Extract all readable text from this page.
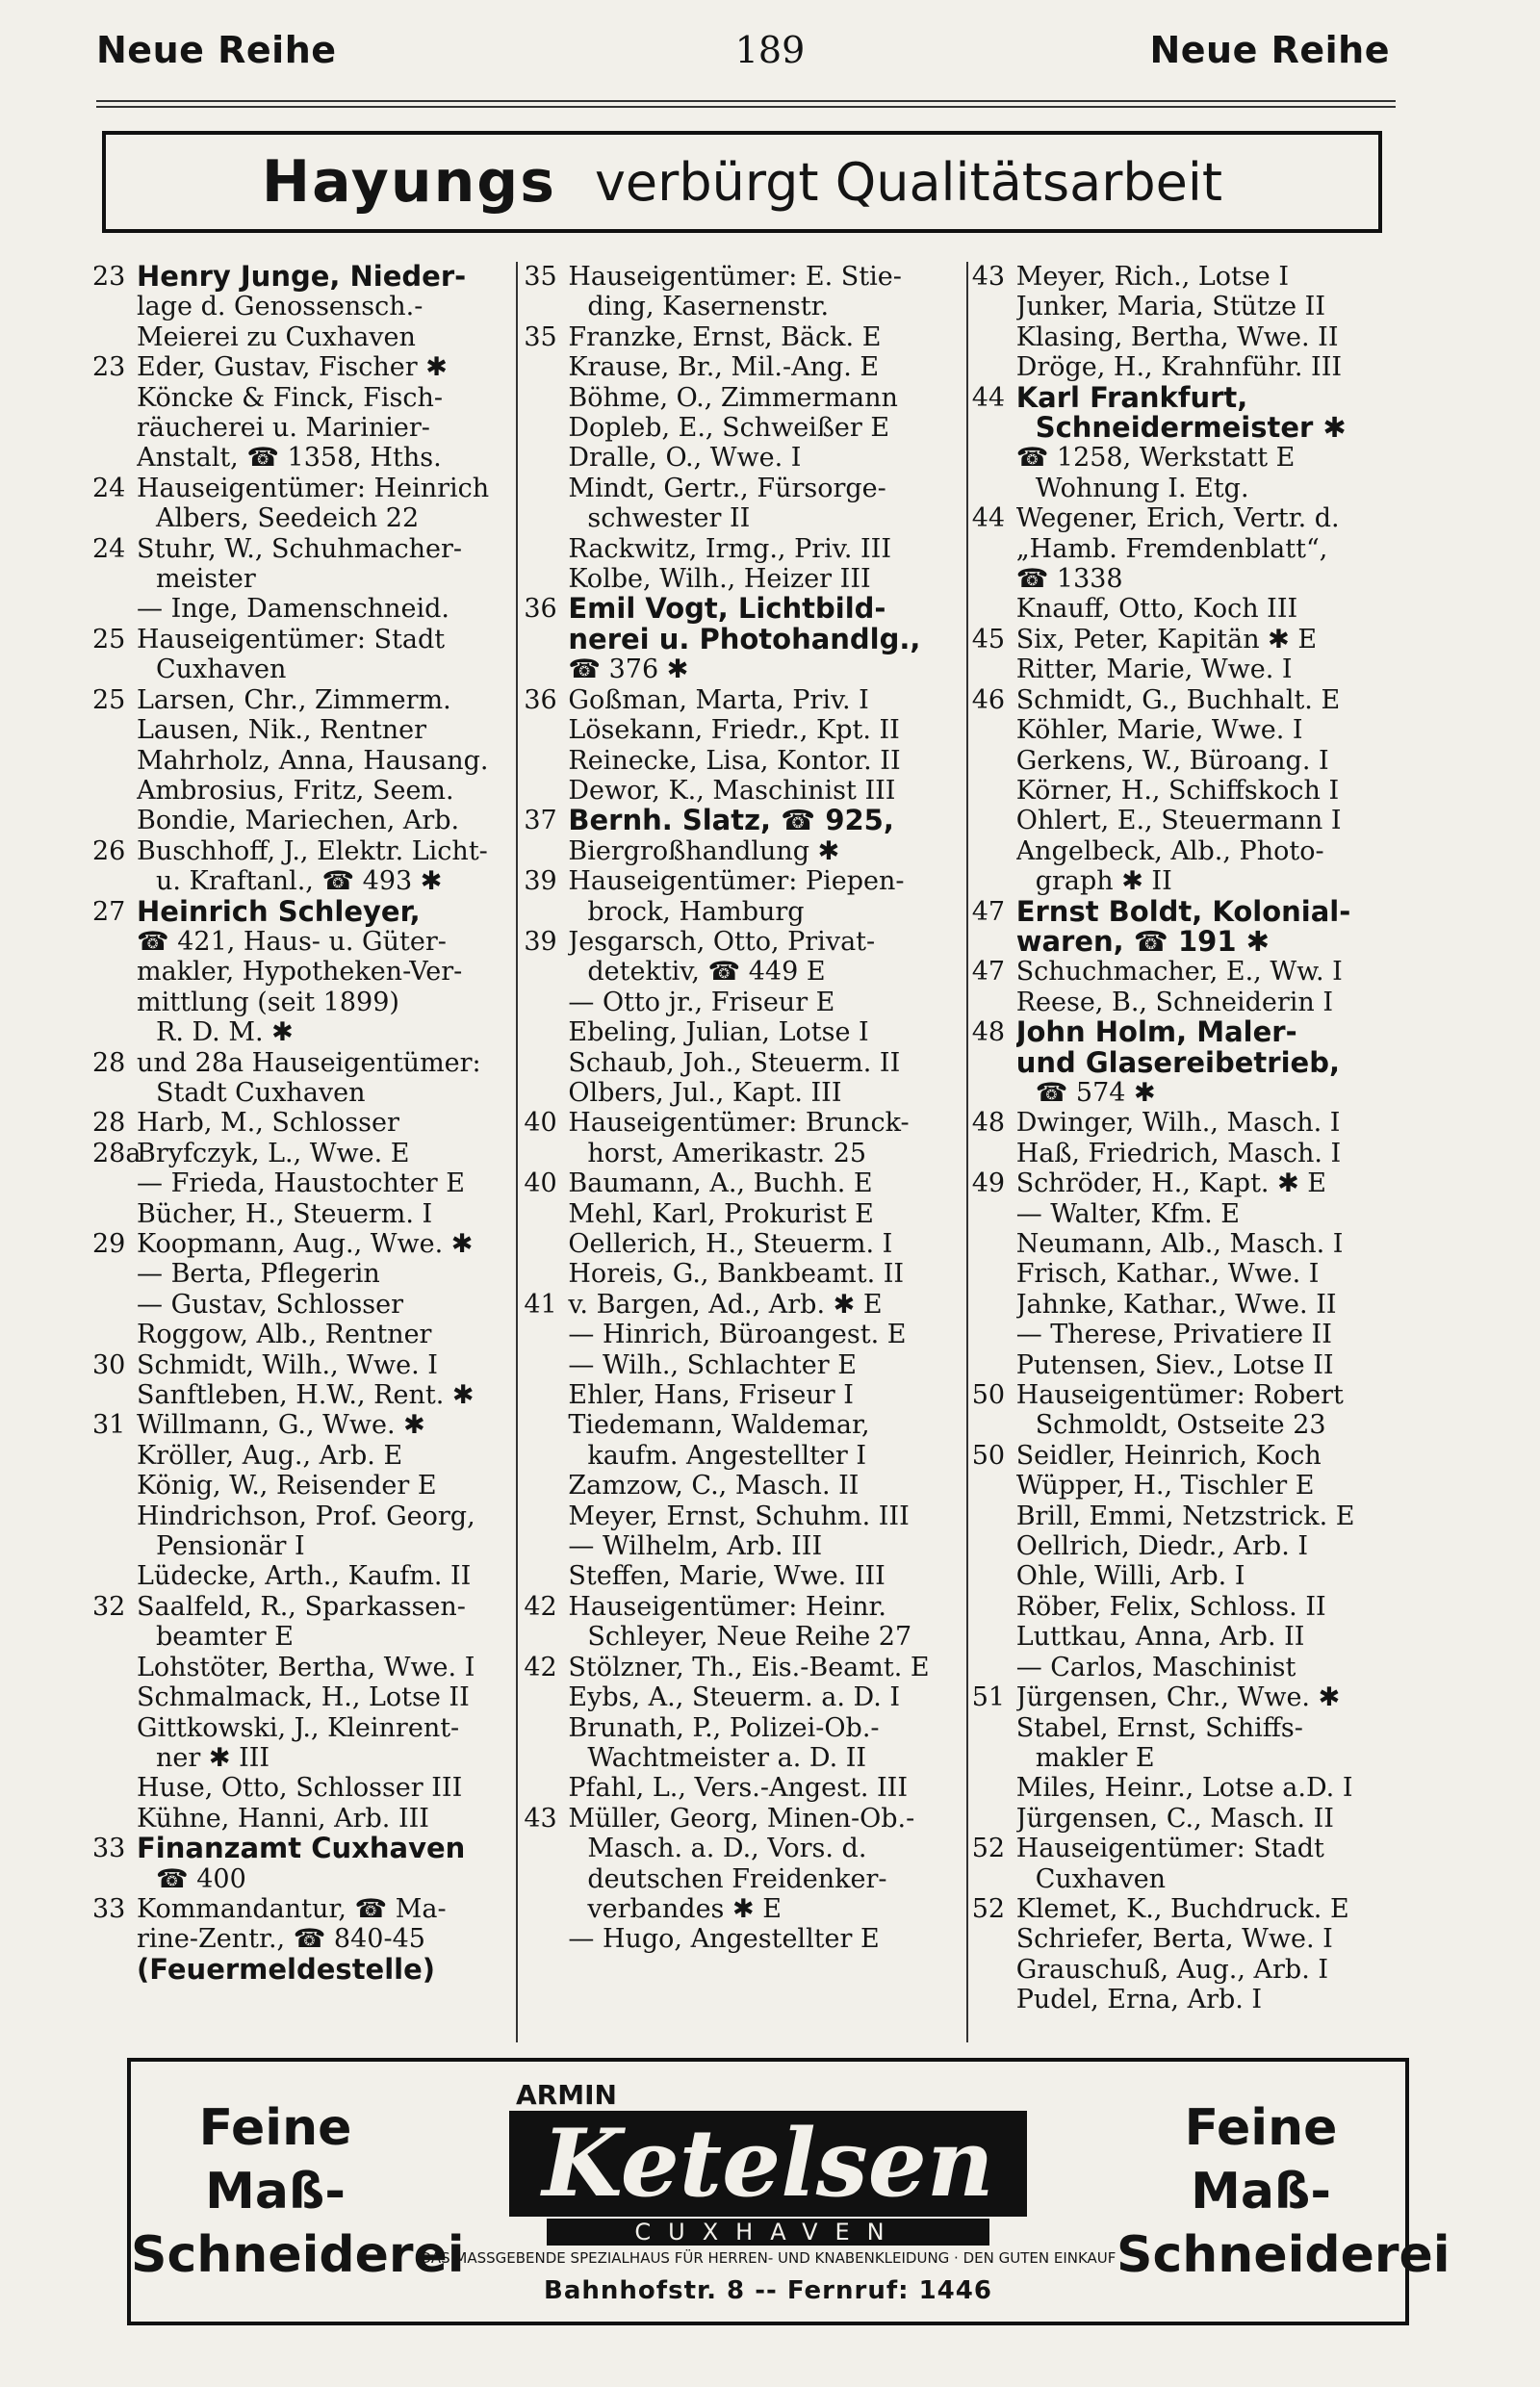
Neue Reihe	189	Neue Reihe
Hayungs verbürgt Qualitätsarbeit
23 Henry Junge, Nieder-
lage d. Genossensch.-
Meierei zu Cuxhaven
23 Eder, Gustav, Fischer ✱
Köncke & Finck, Fisch-
räucherei u. Marinier-
Anstalt, ☎ 1358, Hths.
24 Hauseigentümer: Heinrich
Albers, Seedeich 22
24 Stuhr, W., Schuhmacher-
meister
— Inge, Damenschneid.
25 Hauseigentümer: Stadt
Cuxhaven
25 Larsen, Chr., Zimmerm.
Lausen, Nik., Rentner
Mahrholz, Anna, Hausang.
Ambrosius, Fritz, Seem.
Bondie, Mariechen, Arb.
26 Buschhoff, J., Elektr. Licht-
u. Kraftanl., ☎ 493 ✱
27 Heinrich Schleyer,
☎ 421, Haus- u. Güter-
makler, Hypotheken-Ver-
mittlung (seit 1899)
R. D. M. ✱
28 und 28a Hauseigentümer:
Stadt Cuxhaven
28 Harb, M., Schlosser
28a
Bryfczyk, L., Wwe. E
— Frieda, Haustochter E
Bücher, H., Steuerm. I
29 Koopmann, Aug., Wwe. ✱
— Berta, Pflegerin
— Gustav, Schlosser
Roggow, Alb., Rentner
30 Schmidt, Wilh., Wwe. I
Sanftleben, H.W., Rent. ✱
31 Willmann, G., Wwe. ✱
Kröller, Aug., Arb. E
König, W., Reisender E
Hindrichson, Prof. Georg,
Pensionär I
Lüdecke, Arth., Kaufm. II
32 Saalfeld, R., Sparkassen-
beamter E
Lohstöter, Bertha, Wwe. I
Schmalmack, H., Lotse II
Gittkowski, J., Kleinrent-
ner ✱ III
Huse, Otto, Schlosser III
Kühne, Hanni, Arb. III
33 Finanzamt Cuxhaven
☎ 400
33 Kommandantur, ☎ Ma-
rine-Zentr., ☎ 840-45
(Feuermeldestelle)
35 Hauseigentümer: E. Stie-
ding, Kasernenstr.
35 Franzke, Ernst, Bäck. E
Krause, Br., Mil.-Ang. E
Böhme, O., Zimmermann
Dopleb, E., Schweißer E
Dralle, O., Wwe. I
Mindt, Gertr., Fürsorge-
schwester II
Rackwitz, Irmg., Priv. III
Kolbe, Wilh., Heizer III
36 Emil Vogt, Lichtbild-
nerei u. Photohandlg.,
☎ 376 ✱
36 Goßman, Marta, Priv. I
Lösekann, Friedr., Kpt. II
Reinecke, Lisa, Kontor. II
Dewor, K., Maschinist III
37 Bernh. Slatz, ☎ 925,
Biergroßhandlung ✱
39 Hauseigentümer: Piepen-
brock, Hamburg
39 Jesgarsch, Otto, Privat-
detektiv, ☎ 449 E
— Otto jr., Friseur E
Ebeling, Julian, Lotse I
Schaub, Joh., Steuerm. II
Olbers, Jul., Kapt. III
40 Hauseigentümer: Brunck-
horst, Amerikastr. 25
40 Baumann, A., Buchh. E
Mehl, Karl, Prokurist E
Oellerich, H., Steuerm. I
Horeis, G., Bankbeamt. II
41 v. Bargen, Ad., Arb. ✱ E
— Hinrich, Büroangest. E
— Wilh., Schlachter E
Ehler, Hans, Friseur I
Tiedemann, Waldemar,
kaufm. Angestellter I
Zamzow, C., Masch. II
Meyer, Ernst, Schuhm. III
— Wilhelm, Arb. III
Steffen, Marie, Wwe. III
42 Hauseigentümer: Heinr.
Schleyer, Neue Reihe 27
42 Stölzner, Th., Eis.-Beamt. E
Eybs, A., Steuerm. a. D. I
Brunath, P., Polizei-Ob.-
Wachtmeister a. D. II
Pfahl, L., Vers.-Angest. III
43 Müller, Georg, Minen-Ob.-
Masch. a. D., Vors. d.
deutschen Freidenker-
verbandes ✱ E
— Hugo, Angestellter E
43 Meyer, Rich., Lotse I
Junker, Maria, Stütze II
Klasing, Bertha, Wwe. II
Dröge, H., Krahnführ. III
44 Karl Frankfurt,
Schneidermeister ✱
☎ 1258, Werkstatt E
Wohnung I. Etg.
44 Wegener, Erich, Vertr. d.
„Hamb. Fremdenblatt“,
☎ 1338
Knauff, Otto, Koch III
45 Six, Peter, Kapitän ✱ E
Ritter, Marie, Wwe. I
46 Schmidt, G., Buchhalt. E
Köhler, Marie, Wwe. I
Gerkens, W., Büroang. I
Körner, H., Schiffskoch I
Ohlert, E., Steuermann I
Angelbeck, Alb., Photo-
graph ✱ II
47 Ernst Boldt, Kolonial-
waren, ☎ 191 ✱
47 Schuchmacher, E., Ww. I
Reese, B., Schneiderin I
48 John Holm, Maler-
und Glasereibetrieb,
☎ 574 ✱
48 Dwinger, Wilh., Masch. I
Haß, Friedrich, Masch. I
49 Schröder, H., Kapt. ✱ E
— Walter, Kfm. E
Neumann, Alb., Masch. I
Frisch, Kathar., Wwe. I
Jahnke, Kathar., Wwe. II
— Therese, Privatiere II
Putensen, Siev., Lotse II
50 Hauseigentümer: Robert
Schmoldt, Ostseite 23
50 Seidler, Heinrich, Koch
Wüpper, H., Tischler E
Brill, Emmi, Netzstrick. E
Oellrich, Diedr., Arb. I
Ohle, Willi, Arb. I
Röber, Felix, Schloss. II
Luttkau, Anna, Arb. II
— Carlos, Maschinist
51 Jürgensen, Chr., Wwe. ✱
Stabel, Ernst, Schiffs-
makler E
Miles, Heinr., Lotse a.D. I
Jürgensen, C., Masch. II
52 Hauseigentümer: Stadt
Cuxhaven
52 Klemet, K., Buchdruck. E
Schriefer, Berta, Wwe. I
Grauschuß, Aug., Arb. I
Pudel, Erna, Arb. I
Feine Maß- Schneiderei
ARMIN
Ketelsen
CUXHAVEN
DAS MASSGEBENDE SPEZIALHAUS FÜR HERREN- UND KNABENKLEIDUNG · DEN GUTEN EINKAUF
Bahnhofstr. 8 -- Fernruf: 1446
Feine Maß- Schneiderei
